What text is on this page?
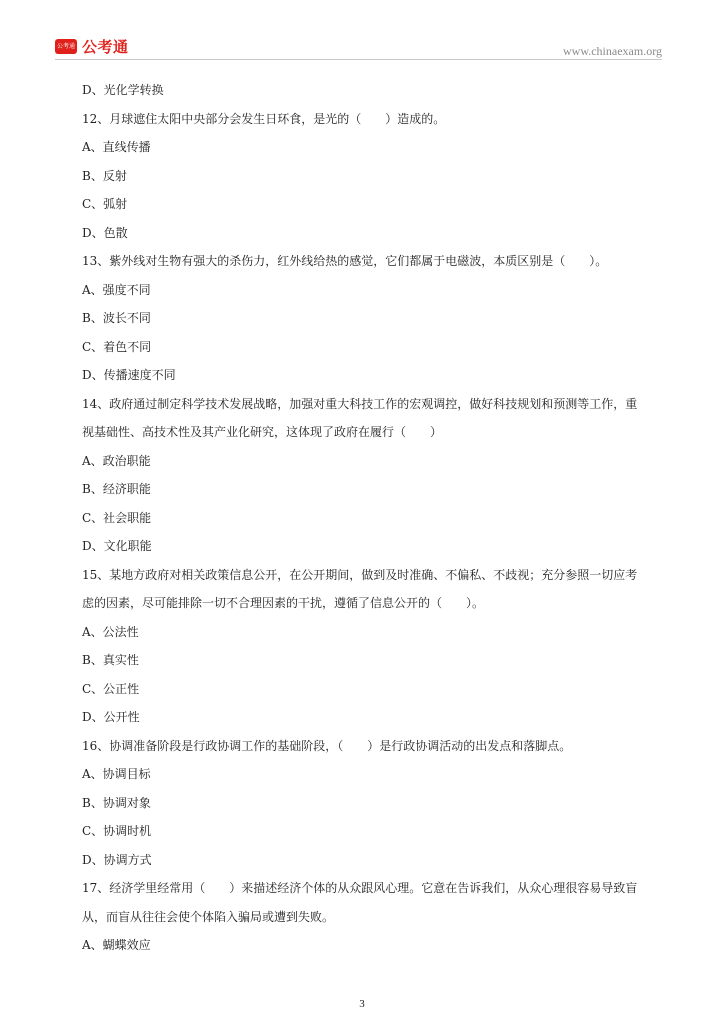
公考通 公考通	www.chinaexam.org
D、光化学转换
12、月球遮住太阳中央部分会发生日环食，是光的（　　）造成的。
A、直线传播
B、反射
C、弧射
D、色散
13、紫外线对生物有强大的杀伤力，红外线给热的感觉，它们都属于电磁波，本质区别是（　　）。
A、强度不同
B、波长不同
C、着色不同
D、传播速度不同
14、政府通过制定科学技术发展战略，加强对重大科技工作的宏观调控，做好科技规划和预测等工作，重
视基础性、高技术性及其产业化研究，这体现了政府在履行（　　）
A、政治职能
B、经济职能
C、社会职能
D、文化职能
15、某地方政府对相关政策信息公开，在公开期间，做到及时准确、不偏私、不歧视；充分参照一切应考
虑的因素，尽可能排除一切不合理因素的干扰，遵循了信息公开的（　　）。
A、公法性
B、真实性
C、公正性
D、公开性
16、协调准备阶段是行政协调工作的基础阶段，（　　）是行政协调活动的出发点和落脚点。
A、协调目标
B、协调对象
C、协调时机
D、协调方式
17、经济学里经常用（　　）来描述经济个体的从众跟风心理。它意在告诉我们，从众心理很容易导致盲
从，而盲从往往会使个体陷入骗局或遭到失败。
A、蝴蝶效应
3
